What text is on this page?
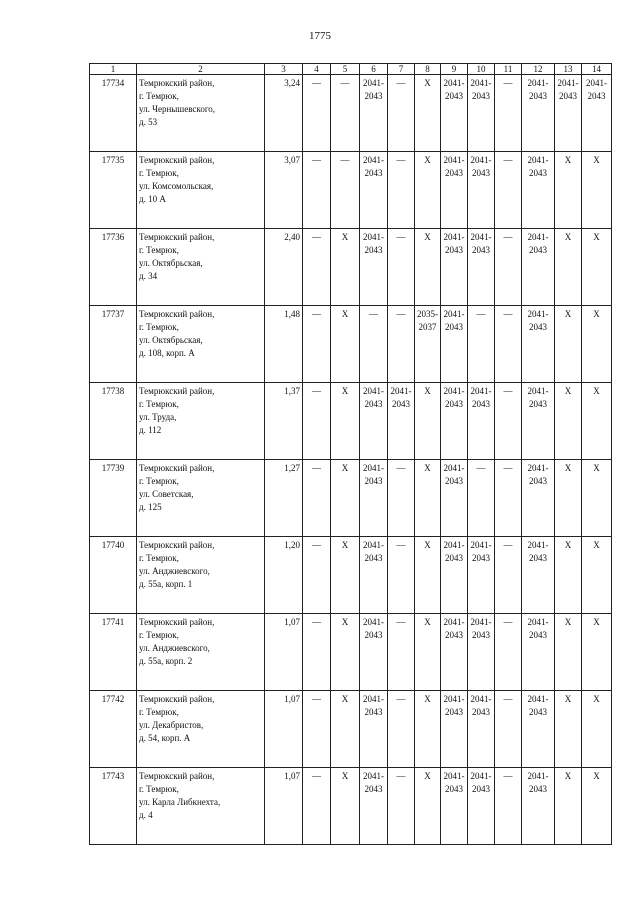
1775
1	2	3	4	5	6	7	8	9	10	11	12	13	14
17734	Темрюкский район,
г. Темрюк,
ул. Чернышевского,
д. 53	3,24	—	—	2041-
2043	—	X	2041-
2043	2041-
2043	—	2041-
2043	2041-
2043	2041-
2043

17735	Темрюкский район,
г. Темрюк,
ул. Комсомольская,
д. 10 А	3,07	—	—	2041-
2043	—	X	2041-
2043	2041-
2043	—	2041-
2043	X	X

17736	Темрюкский район,
г. Темрюк,
ул. Октябрьская,
д. 34	2,40	—	X	2041-
2043	—	X	2041-
2043	2041-
2043	—	2041-
2043	X	X

17737	Темрюкский район,
г. Темрюк,
ул. Октябрьская,
д. 108, корп. А	1,48	—	X	—	—	2035-
2037	2041-
2043	—	—	2041-
2043	X	X

17738	Темрюкский район,
г. Темрюк,
ул. Труда,
д. 112	1,37	—	X	2041-
2043	2041-
2043	X	2041-
2043	2041-
2043	—	2041-
2043	X	X

17739	Темрюкский район,
г. Темрюк,
ул. Советская,
д. 125	1,27	—	X	2041-
2043	—	X	2041-
2043	—	—	2041-
2043	X	X

17740	Темрюкский район,
г. Темрюк,
ул. Анджиевского,
д. 55а, корп. 1	1,20	—	X	2041-
2043	—	X	2041-
2043	2041-
2043	—	2041-
2043	X	X

17741	Темрюкский район,
г. Темрюк,
ул. Анджиевского,
д. 55а, корп. 2	1,07	—	X	2041-
2043	—	X	2041-
2043	2041-
2043	—	2041-
2043	X	X

17742	Темрюкский район,
г. Темрюк,
ул. Декабристов,
д. 54, корп. А	1,07	—	X	2041-
2043	—	X	2041-
2043	2041-
2043	—	2041-
2043	X	X

17743	Темрюкский район,
г. Темрюк,
ул. Карла Либкнехта,
д. 4	1,07	—	X	2041-
2043	—	X	2041-
2043	2041-
2043	—	2041-
2043	X	X
